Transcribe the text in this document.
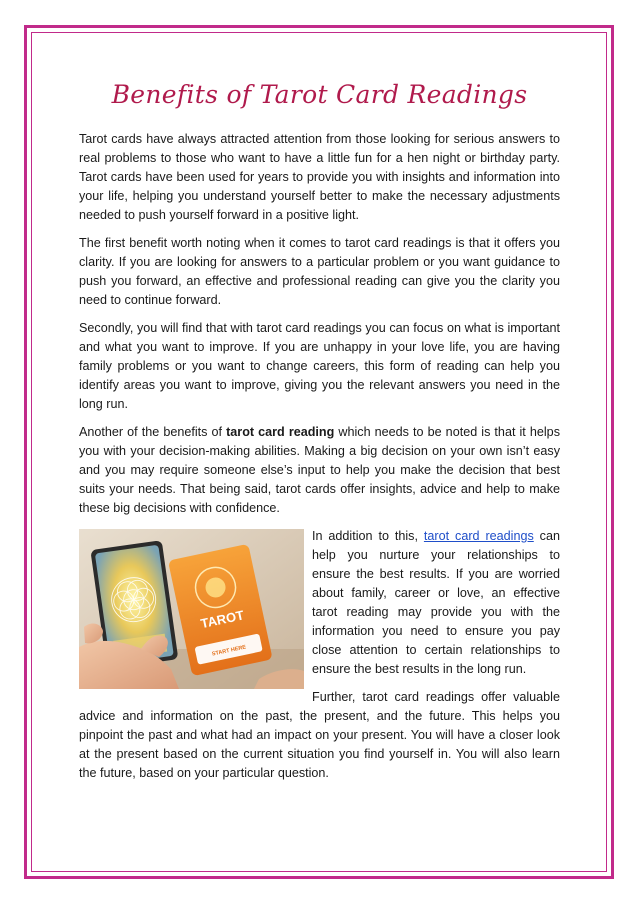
Benefits of Tarot Card Readings

Tarot cards have always attracted attention from those looking for serious answers to real problems to those who want to have a little fun for a hen night or birthday party. Tarot cards have been used for years to provide you with insights and information into your life, helping you understand yourself better to make the necessary adjustments needed to push yourself forward in a positive light.

The first benefit worth noting when it comes to tarot card readings is that it offers you clarity. If you are looking for answers to a particular problem or you want guidance to push you forward, an effective and professional reading can give you the clarity you need to continue forward.

Secondly, you will find that with tarot card readings you can focus on what is important and what you want to improve. If you are unhappy in your love life, you are having family problems or you want to change careers, this form of reading can help you identify areas you want to improve, giving you the relevant answers you need in the long run.

Another of the benefits of tarot card reading which needs to be noted is that it helps you with your decision-making abilities. Making a big decision on your own isn’t easy and you may require someone else’s input to help you make the decision that best suits your needs. That being said, tarot cards offer insights, advice and help to make these big decisions with confidence.

TAROT
START HERE

In addition to this, tarot card readings can help you nurture your relationships to ensure the best results. If you are worried about family, career or love, an effective tarot reading may provide you with the information you need to ensure you pay close attention to certain relationships to ensure the best results in the long run.

Further, tarot card readings offer valuable advice and information on the past, the present, and the future. This helps you pinpoint the past and what had an impact on your present. You will have a closer look at the present based on the current situation you find yourself in. You will also learn the future, based on your particular question.
